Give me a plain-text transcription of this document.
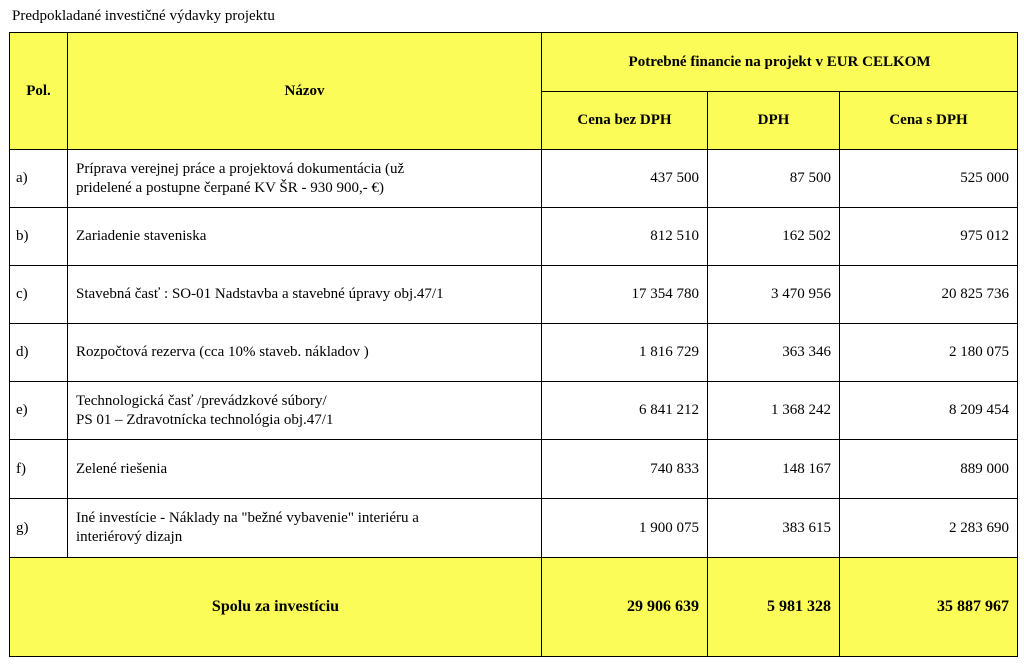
Predpokladané investičné výdavky projektu
Pol.	Názov	Potrebné financie na projekt v EUR CELKOM		
		Cena bez DPH	DPH	Cena s DPH
a)	Príprava verejnej práce a projektová dokumentácia (už
pridelené a postupne čerpané KV ŠR - 930 900,- €)	437 500	87 500	525 000
b)	Zariadenie staveniska	812 510	162 502	975 012
c)	Stavebná časť : SO-01 Nadstavba a stavebné úpravy obj.47/1	17 354 780	3 470 956	20 825 736
d)	Rozpočtová rezerva (cca 10% staveb. nákladov )	1 816 729	363 346	2 180 075
e)	Technologická časť /prevádzkové súbory/
PS 01 – Zdravotnícka technológia obj.47/1	6 841 212	1 368 242	8 209 454
f)	Zelené riešenia	740 833	148 167	889 000
g)	Iné investície - Náklady na "bežné vybavenie" interiéru a
interiérový dizajn	1 900 075	383 615	2 283 690
Spolu za investíciu		29 906 639	5 981 328	35 887 967
